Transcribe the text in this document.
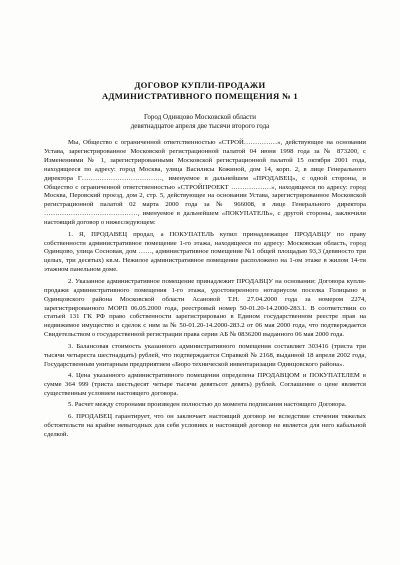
ДОГОВОР КУПЛИ-ПРОДАЖИ
АДМИНИСТРАТИВНОГО ПОМЕЩЕНИЯ № 1
Город Одинцово Московской области
девятнадцатое апреля две тысячи второго года

Мы, Общество с ограниченной ответственностью «СТРОЙ……………», действующее на основании Устава, зарегистрированное Московской регистрационной палатой 04 июня 1998 года за № 873200, с Изменениями № 1, зарегистрированными Московской регистрационной палатой 15 октября 2001 года, находящееся по адресу: город Москва, улица Василисы Кожиной, дом 14, корп. 2, в лице Генерального директора Г………………………………, именуемое в дальнейшем «ПРОДАВЕЦ», с одной стороны, и Общество с ограниченной ответственностью «СТРОЙПРОЕКТ ………………», находящееся по адресу: город Москва, Перовский проезд, дом 2, стр. 5, действующее на основании Устава, зарегистрированное Московской регистрационной палатой 02 марта 2000 года за № 966008, в лице Генерального директора ……………………………………, именуемое в дальнейшем «ПОКУПАТЕЛЬ», с другой стороны, заключили настоящий договор о нижеследующем:

1. Я, ПРОДАВЕЦ продал, а ПОКУПАТЕЛЬ купил принадлежащее ПРОДАВЦУ по праву собственности административное помещение 1-го этажа, находящееся по адресу: Московская область, город Одинцово, улица Сосновая, дом ……, административное помещение №1 общей площадью 93,3 (девяносто три целых, три десятых) кв.м. Нежилое административное помещение расположено на 1-ом этаже в жилом 14-ти этажном панельном доме.

2. Указанное административное помещение принадлежит ПРОДАВЦУ на основании: Договора купли-продажи административного помещения 1-го этажа, удостоверенного нотариусом поселка Голицыно и Одинцовского района Московской области Асановой Т.Н. 27.04.2000 года за номером 2274, зарегистрированного МОРП 06.05.2000 года, реестровый номер 50-01.20-14.2000-283.1. В соответствии со статьей 131 ГК РФ право собственности зарегистрировано в Едином государственном реестре прав на недвижимое имущество и сделок с ним за № 50-01.20-14.2000-283.2 от 06 мая 2000 года, что подтверждается Свидетельством о государственной регистрации права серии АБ № 0836200 выданного 06 мая 2000 года.

3. Балансовая стоимость указанного административного помещения составляет 303416 (триста три тысячи четыреста шестнадцать) рублей, что подтверждается Справкой № 2168, выданной 18 апреля 2002 года, Государственным унитарным предприятием «Бюро технической инвентаризации Одинцовского района».

4. Цена указанного административного помещения определена ПРОДАВЦОМ и ПОКУПАТЕЛЕМ в сумме 364 999 (триста шестьдесят четыре тысячи девятьсот девять) рублей. Соглашение о цене является существенным условием настоящего договора.

5. Расчет между сторонами произведен полностью до момента подписания настоящего Договора.

6. ПРОДАВЕЦ гарантирует, что он заключает настоящий договор не вследствие стечения тяжелых обстоятельств на крайне невыгодных для себя условиях и настоящий договор не является для него кабальной сделкой.
